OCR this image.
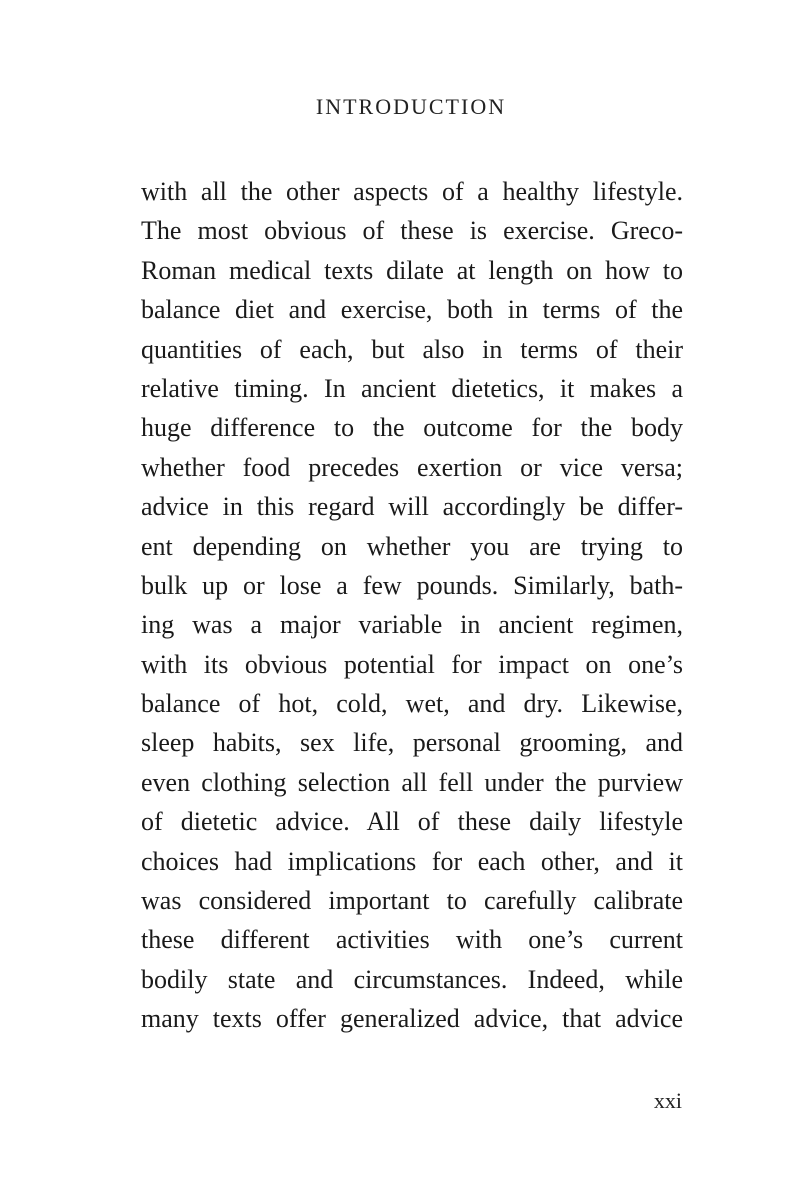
INTRODUCTION
with all the other aspects of a healthy lifestyle.
The most obvious of these is exercise. Greco-
Roman medical texts dilate at length on how to
balance diet and exercise, both in terms of the
quantities of each, but also in terms of their
relative timing. In ancient dietetics, it makes a
huge difference to the outcome for the body
whether food precedes exertion or vice versa;
advice in this regard will accordingly be differ-
ent depending on whether you are trying to
bulk up or lose a few pounds. Similarly, bath-
ing was a major variable in ancient regimen,
with its obvious potential for impact on one’s
balance of hot, cold, wet, and dry. Likewise,
sleep habits, sex life, personal grooming, and
even clothing selection all fell under the purview
of dietetic advice. All of these daily lifestyle
choices had implications for each other, and it
was considered important to carefully calibrate
these different activities with one’s current
bodily state and circumstances. Indeed, while
many texts offer generalized advice, that advice
xxi
